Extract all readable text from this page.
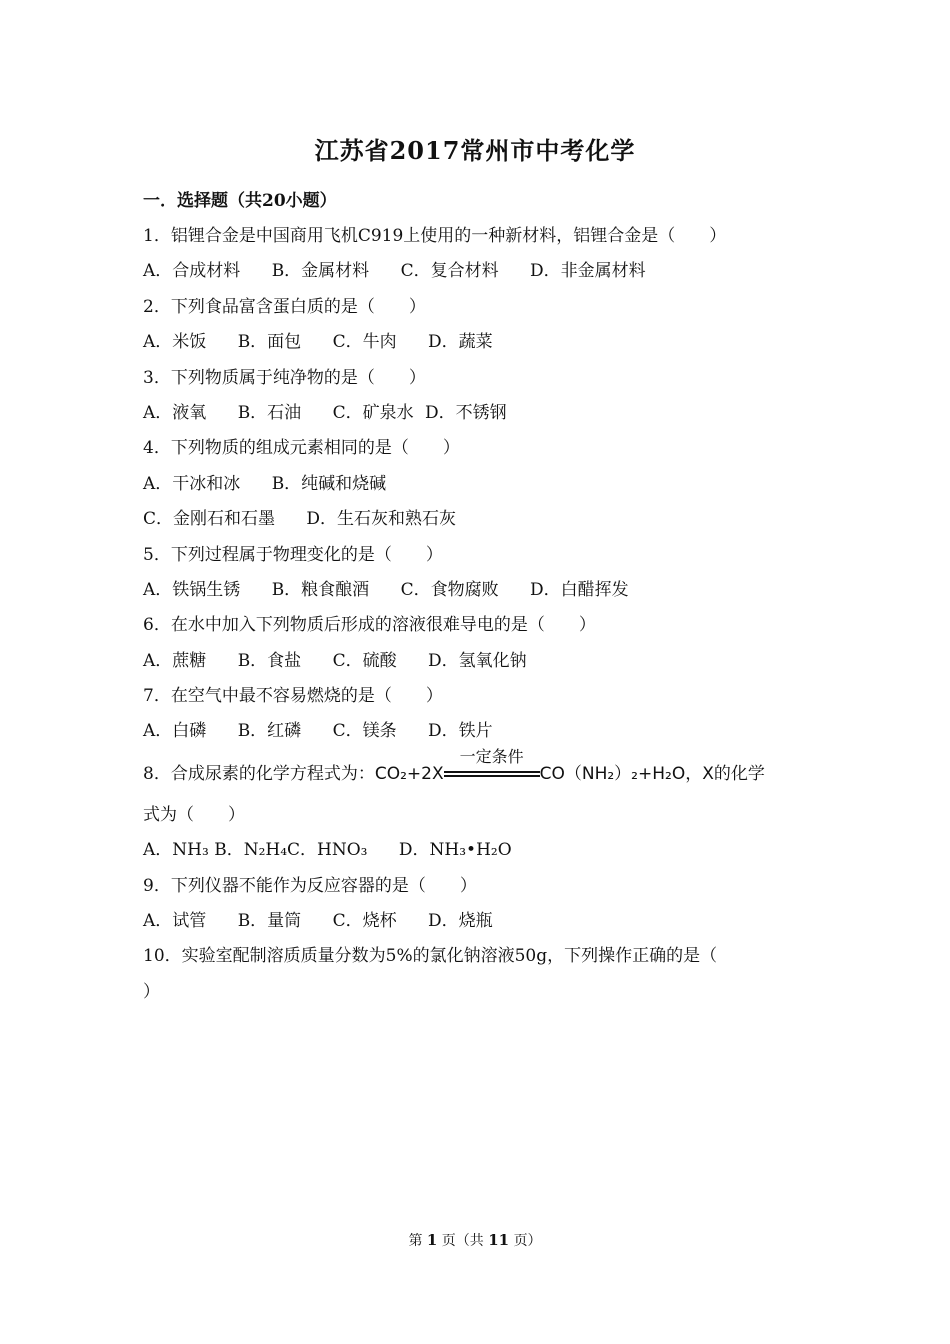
江苏省2017常州市中考化学
一．选择题（共20小题）
1．铝锂合金是中国商用飞机C919上使用的一种新材料，铝锂合金是（　　）
A．合成材料 B．金属材料 C．复合材料 D．非金属材料
2．下列食品富含蛋白质的是（　　）
A．米饭 B．面包 C．牛肉 D．蔬菜
3．下列物质属于纯净物的是（　　）
A．液氧 B．石油 C．矿泉水 D．不锈钢
4．下列物质的组成元素相同的是（　　）
A．干冰和冰 B．纯碱和烧碱
C．金刚石和石墨 D．生石灰和熟石灰
5．下列过程属于物理变化的是（　　）
A．铁锅生锈 B．粮食酿酒 C．食物腐败 D．白醋挥发
6．在水中加入下列物质后形成的溶液很难导电的是（　　）
A．蔗糖 B．食盐 C．硫酸 D．氢氧化钠
7．在空气中最不容易燃烧的是（　　）
A．白磷 B．红磷 C．镁条 D．铁片
8．合成尿素的化学方程式为：CO₂+2X
一定条件
CO（NH₂）₂+H₂O，X的化学
式为（　　）
A．NH₃ B．N₂H₄C．HNO₃ D．NH₃•H₂O
9．下列仪器不能作为反应容器的是（　　）
A．试管 B．量筒 C．烧杯 D．烧瓶
10．实验室配制溶质质量分数为5%的氯化钠溶液50g，下列操作正确的是（
）
第 1 页（共 11 页）
